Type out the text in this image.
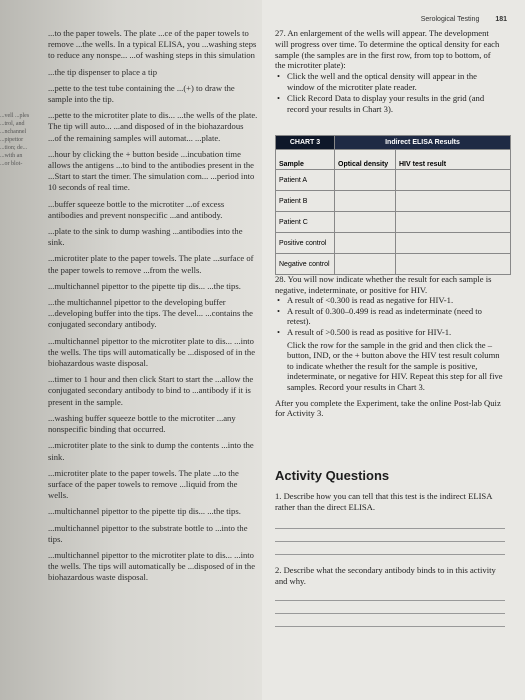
...vell ...ples ...trol, and ...nchannel ...pipettor ...tion; de... ...with an ...or blot-

...to the paper towels. The plate ...ce of the paper towels to remove ...the wells. In a typical ELISA, you ...washing steps to reduce any nonspe... ...of washing steps in this simulation

...the tip dispenser to place a tip

...pette to the test tube containing the ...(+) to draw the sample into the tip.

...pette to the microtiter plate to dis... ...the wells of the plate. The tip will auto... ...and disposed of in the biohazardous ...of the remaining samples will automat... ...plate.

...hour by clicking the + button beside ...incubation time allows the antigens ...to bind to the antibodies present in the ...Start to start the timer. The simulation com... ...period into 10 seconds of real time.

...buffer squeeze bottle to the microtiter ...of excess antibodies and prevent nonspecific ...and antibody.

...plate to the sink to dump washing ...antibodies into the sink.

...microtiter plate to the paper towels. The plate ...surface of the paper towels to remove ...from the wells.

...multichannel pipettor to the pipette tip dis... ...the tips.

...the multichannel pipettor to the developing buffer ...developing buffer into the tips. The devel... ...contains the conjugated secondary antibody.

...multichannel pipettor to the microtiter plate to dis... ...into the wells. The tips will automatically be ...disposed of in the biohazardous waste disposal.

...timer to 1 hour and then click Start to start the ...allow the conjugated secondary antibody to bind to ...antibody if it is present in the sample.

...washing buffer squeeze bottle to the microtiter ...any nonspecific binding that occurred.

...microtiter plate to the sink to dump the contents ...into the sink.

...microtiter plate to the paper towels. The plate ...to the surface of the paper towels to remove ...liquid from the wells.

...multichannel pipettor to the pipette tip dis... ...the tips.

...multichannel pipettor to the substrate bottle to ...into the tips.

...multichannel pipettor to the microtiter plate to dis... ...into the wells. The tips will automatically be ...disposed of in the biohazardous waste disposal.

Serological Testing 181
27. An enlargement of the wells will appear. The development will progress over time. To determine the optical density for each sample (the samples are in the first row, from top to bottom, of the microtiter plate):
• Click the well and the optical density will appear in the window of the microtiter plate reader.
• Click Record Data to display your results in the grid (and record your results in Chart 3).
CHART 3	Indirect ELISA Results	
Sample	Optical density	HIV test result
Patient A		
Patient B		
Patient C		
Positive control		
Negative control		
28. You will now indicate whether the result for each sample is negative, indeterminate, or positive for HIV.
• A result of <0.300 is read as negative for HIV-1.
• A result of 0.300–0.499 is read as indeterminate (need to retest).
• A result of >0.500 is read as positive for HIV-1.
Click the row for the sample in the grid and then click the – button, IND, or the + button above the HIV test result column to indicate whether the result for the sample is positive, indeterminate, or negative for HIV. Repeat this step for all five samples. Record your results in Chart 3.
After you complete the Experiment, take the online Post-lab Quiz for Activity 3.
Activity Questions
1. Describe how you can tell that this test is the indirect ELISA rather than the direct ELISA.
2. Describe what the secondary antibody binds to in this activity and why.
